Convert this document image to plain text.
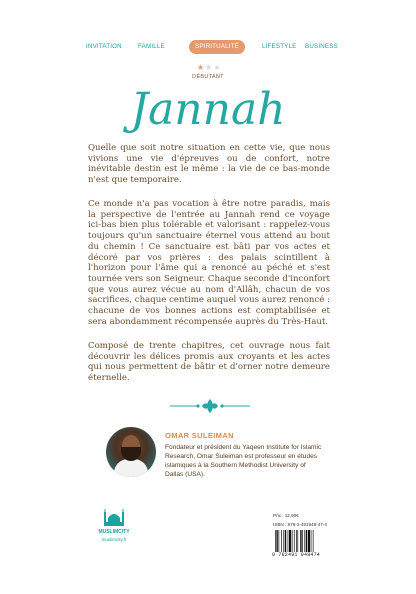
INVITATION	FAMILLE	SPIRITUALITÉ	LIFESTYLE BUSINESS
★★★
DÉBUTANT
Jannah
Quelle que soit notre situation en cette vie, que nous vivions une vie d'épreuves ou de confort, notre inévitable destin est le même : la vie de ce bas-monde n'est que temporaire.
Ce monde n'a pas vocation à être notre paradis, mais la perspective de l'entrée au Jannah rend ce voyage ici-bas bien plus tolérable et valorisant : rappelez-vous toujours qu'un sanctuaire éternel vous attend au bout du chemin ! Ce sanctuaire est bâti par vos actes et décoré par vos prières : des palais scintillent à l'horizon pour l'âme qui a renoncé au péché et s'est tournée vers son Seigneur. Chaque seconde d'inconfort que vous aurez vécue au nom d'Allâh, chacun de vos sacrifices, chaque centime auquel vous aurez renoncé : chacune de vos bonnes actions est comptabilisée et sera abondamment récompensée auprès du Très-Haut.
Composé de trente chapitres, cet ouvrage nous fait découvrir les délices promis aux croyants et les actes qui nous permettent de bâtir et d'orner notre demeure éternelle.
OMAR SULEIMAN
Fondateur et président du Yaqeen Institute for Islamic Research, Omar Suleiman est professeur en études islamiques à la Southern Methodist University of Dallas (USA).
MUSLIMCITY
muslimcity.fr
Prix : 12,90€
ISBN : 978-2-491948-47-4
9 782491 948474
